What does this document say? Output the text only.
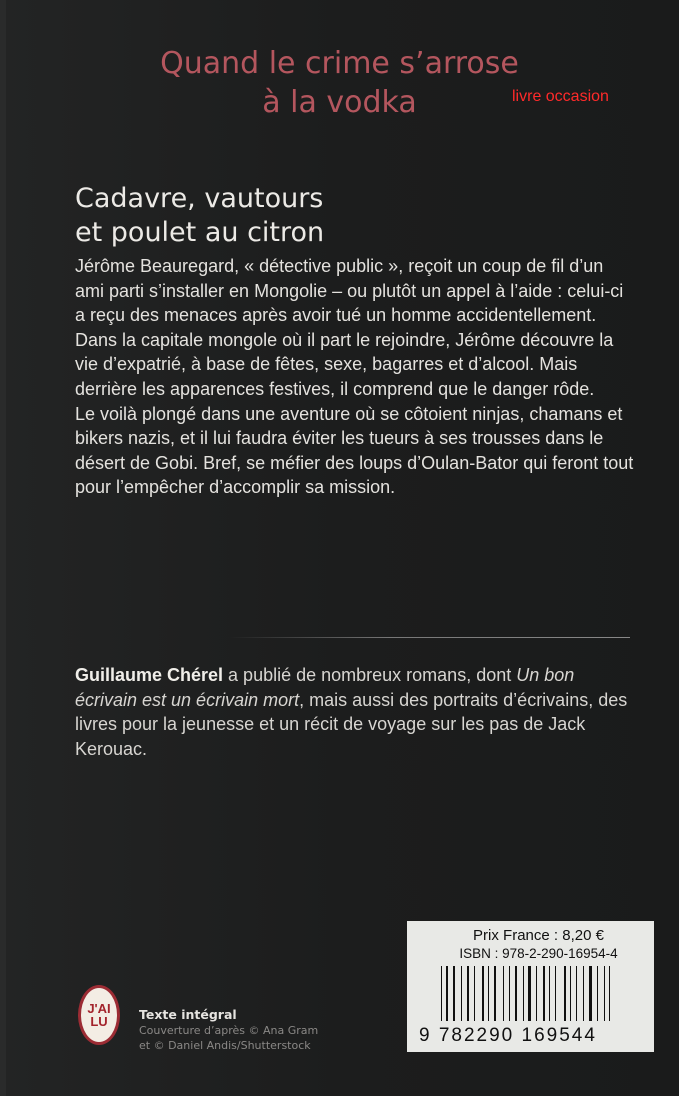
Quand le crime s’arrose
à la vodka	livre occasion
Cadavre, vautours
et poulet au citron

Jérôme Beauregard, « détective public », reçoit un coup de fil d’un ami parti s’installer en Mongolie – ou plutôt un appel à l’aide : celui-ci a reçu des menaces après avoir tué un homme accidentellement. Dans la capitale mongole où il part le rejoindre, Jérôme découvre la vie d’expatrié, à base de fêtes, sexe, bagarres et d’alcool. Mais derrière les apparences festives, il comprend que le danger rôde.

Le voilà plongé dans une aventure où se côtoient ninjas, chamans et bikers nazis, et il lui faudra éviter les tueurs à ses trousses dans le désert de Gobi. Bref, se méfier des loups d’Oulan-Bator qui feront tout pour l’empêcher d’accomplir sa mission.

Guillaume Chérel a publié de nombreux romans, dont Un bon écrivain est un écrivain mort, mais aussi des portraits d’écrivains, des livres pour la jeunesse et un récit de voyage sur les pas de Jack Kerouac.
J'AI
LU	Texte intégral
Couverture d’après © Ana Gram
et © Daniel Andis/Shutterstock
Prix France : 8,20 €
ISBN : 978-2-290-16954-4
9 782290 169544
